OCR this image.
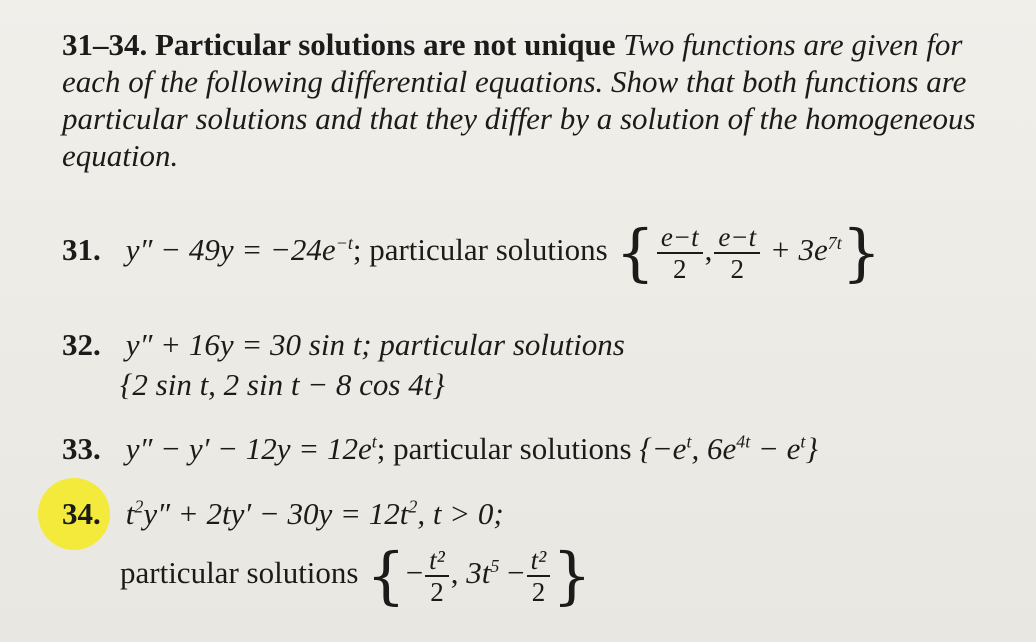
31–34. Particular solutions are not unique Two functions are given for each of the following differential equations. Show that both functions are particular solutions and that they differ by a solution of the homogeneous equation.
31. $y'' - 49y = -24e^{-t}$; particular solutions { $\frac{e-t}{2}$ , $\frac{e-t}{2} + 3e^{7t}$}
32. y″ + 16y = 30 sin t; particular solutions
{2 sin t, 2 sin t − 8 cos 4t}
33. $y'' - y' - 12y = 12e^t$; particular solutions {$-e^t$, $6e^{4t} - e^t$}
34. $t^2y'' + 2ty' - 30y = 12t^2$, t > 0;
particular solutions {− $\frac{\text{t²}}{2}$ , $3t^5 - \frac{\text{t²}}{2}$ }
